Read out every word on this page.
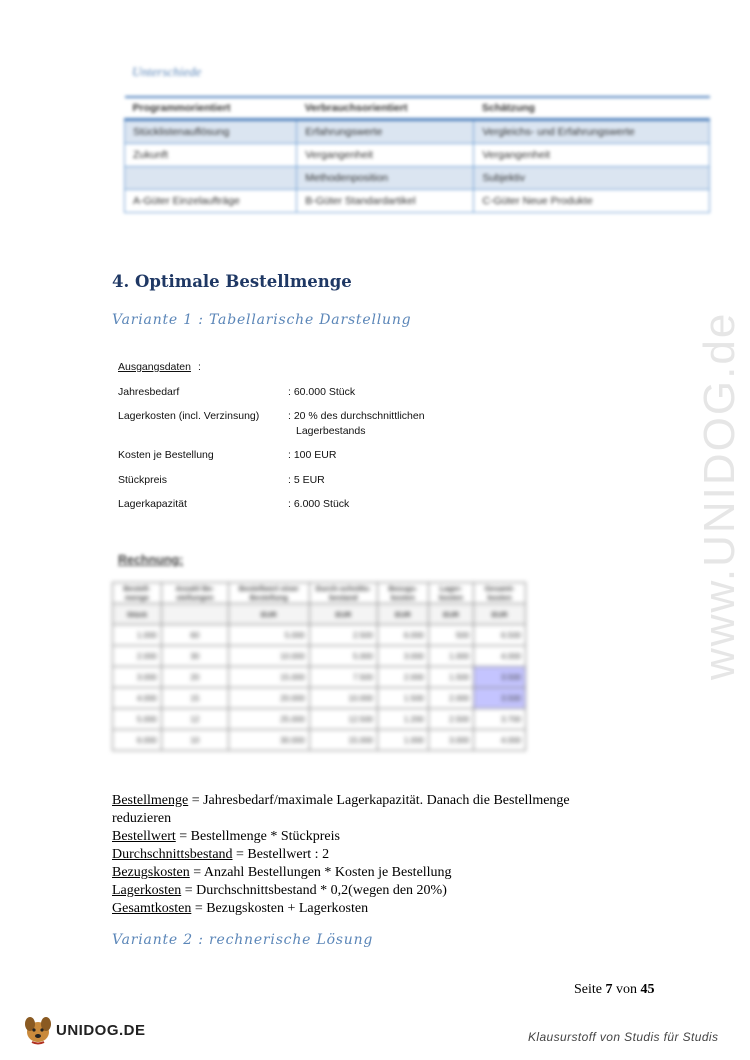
www.UNIDOG.de
Unterschiede
Programmorientiert	Verbrauchsorientiert	Schätzung
Stücklistenauflösung	Erfahrungswerte	Vergleichs- und Erfahrungswerte
Zukunft	Vergangenheit	Vergangenheit
	Methodenposition	Subjektiv
A-Güter Einzelaufträge	B-Güter Standardartikel	C-Güter Neue Produkte
4. Optimale Bestellmenge
Variante 1 : Tabellarische Darstellung
Ausgangsdaten :
Jahresbedarf	: 60.000 Stück
Lagerkosten (incl. Verzinsung)	: 20 % des durchschnittlichen
Lagerbestands
Kosten je Bestellung	: 100 EUR
Stückpreis	: 5 EUR
Lagerkapazität	: 6.000 Stück
Rechnung:
Bestell-menge	Anzahl Be-stellungen	Bestellwert einer Bestellung	Durch-schnitts-bestand	Bezugs-kosten	Lager-kosten	Gesamt-kosten
Stück		EUR	EUR	EUR	EUR	EUR
1.000	60	5.000	2.500	6.000	500	6.500
2.000	30	10.000	5.000	3.000	1.000	4.000
3.000	20	15.000	7.500	2.000	1.500	3.500
4.000	15	20.000	10.000	1.500	2.000	3.500
5.000	12	25.000	12.500	1.200	2.500	3.700
6.000	10	30.000	15.000	1.000	3.000	4.000
Bestellmenge = Jahresbedarf/maximale Lagerkapazität. Danach die Bestellmenge
reduzieren
Bestellwert = Bestellmenge * Stückpreis
Durchschnittsbestand = Bestellwert : 2
Bezugskosten = Anzahl Bestellungen * Kosten je Bestellung
Lagerkosten = Durchschnittsbestand * 0,2(wegen den 20%)
Gesamtkosten = Bezugskosten + Lagerkosten
Variante 2 : rechnerische Lösung
Seite 7 von 45
UNIDOG.DE	Klausurstoff von Studis für Studis
